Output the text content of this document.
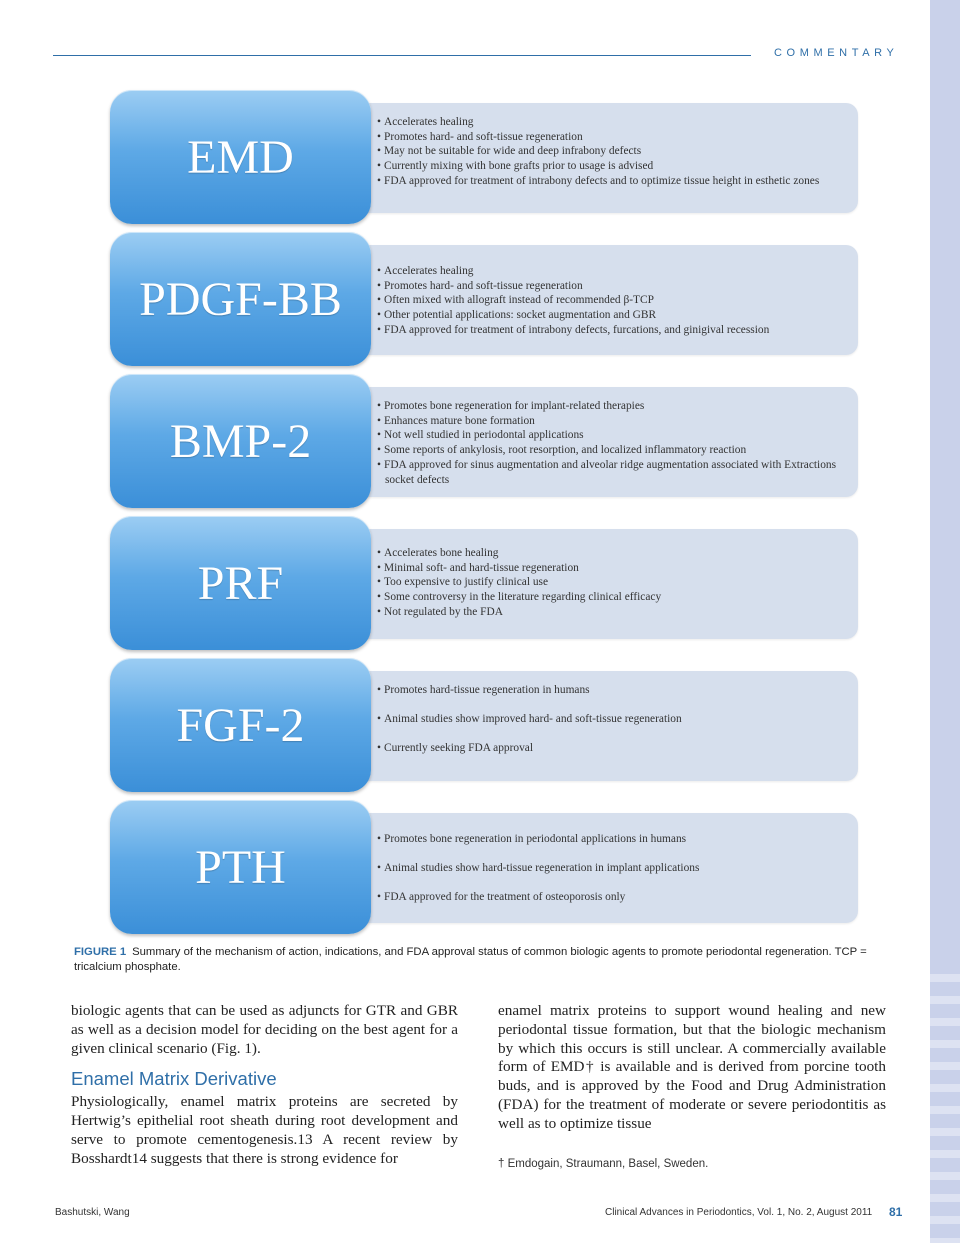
COMMENTARY
EMD
• Accelerates healing
• Promotes hard- and soft-tissue regeneration
• May not be suitable for wide and deep infrabony defects
• Currently mixing with bone grafts prior to usage is advised
• FDA approved for treatment of intrabony defects and to optimize tissue height in esthetic zones
PDGF-BB
• Accelerates healing
• Promotes hard- and soft-tissue regeneration
• Often mixed with allograft instead of recommended β-TCP
• Other potential applications: socket augmentation and GBR
• FDA approved for treatment of intrabony defects, furcations, and ginigival recession
BMP-2
• Promotes bone regeneration for implant-related therapies
• Enhances mature bone formation
• Not well studied in periodontal applications
• Some reports of ankylosis, root resorption, and localized inflammatory reaction
• FDA approved for sinus augmentation and alveolar ridge augmentation associated with Extractions socket defects
PRF
• Accelerates bone healing
• Minimal soft- and hard-tissue regeneration
• Too expensive to justify clinical use
• Some controversy in the literature regarding clinical efficacy
• Not regulated by the FDA
FGF-2
• Promotes hard-tissue regeneration in humans
• Animal studies show improved hard- and soft-tissue regeneration
• Currently seeking FDA approval
PTH
• Promotes bone regeneration in periodontal applications in humans
• Animal studies show hard-tissue regeneration in implant applications
• FDA approved for the treatment of osteoporosis only
FIGURE 1 Summary of the mechanism of action, indications, and FDA approval status of common biologic agents to promote periodontal regeneration. TCP = tricalcium phosphate.

biologic agents that can be used as adjuncts for GTR and GBR as well as a decision model for deciding on the best agent for a given clinical scenario (Fig. 1).

Enamel Matrix Derivative

Physiologically, enamel matrix proteins are secreted by Hertwig’s epithelial root sheath during root development and serve to promote cementogenesis.13 A recent review by Bosshardt14 suggests that there is strong evidence for

enamel matrix proteins to support wound healing and new periodontal tissue formation, but that the biologic mechanism by which this occurs is still unclear. A commercially available form of EMD† is available and is derived from porcine tooth buds, and is approved by the Food and Drug Administration (FDA) for the treatment of moderate or severe periodontitis as well as to optimize tissue

† Emdogain, Straumann, Basel, Sweden.
Bashutski, Wang	Clinical Advances in Periodontics, Vol. 1, No. 2, August 2011 81
